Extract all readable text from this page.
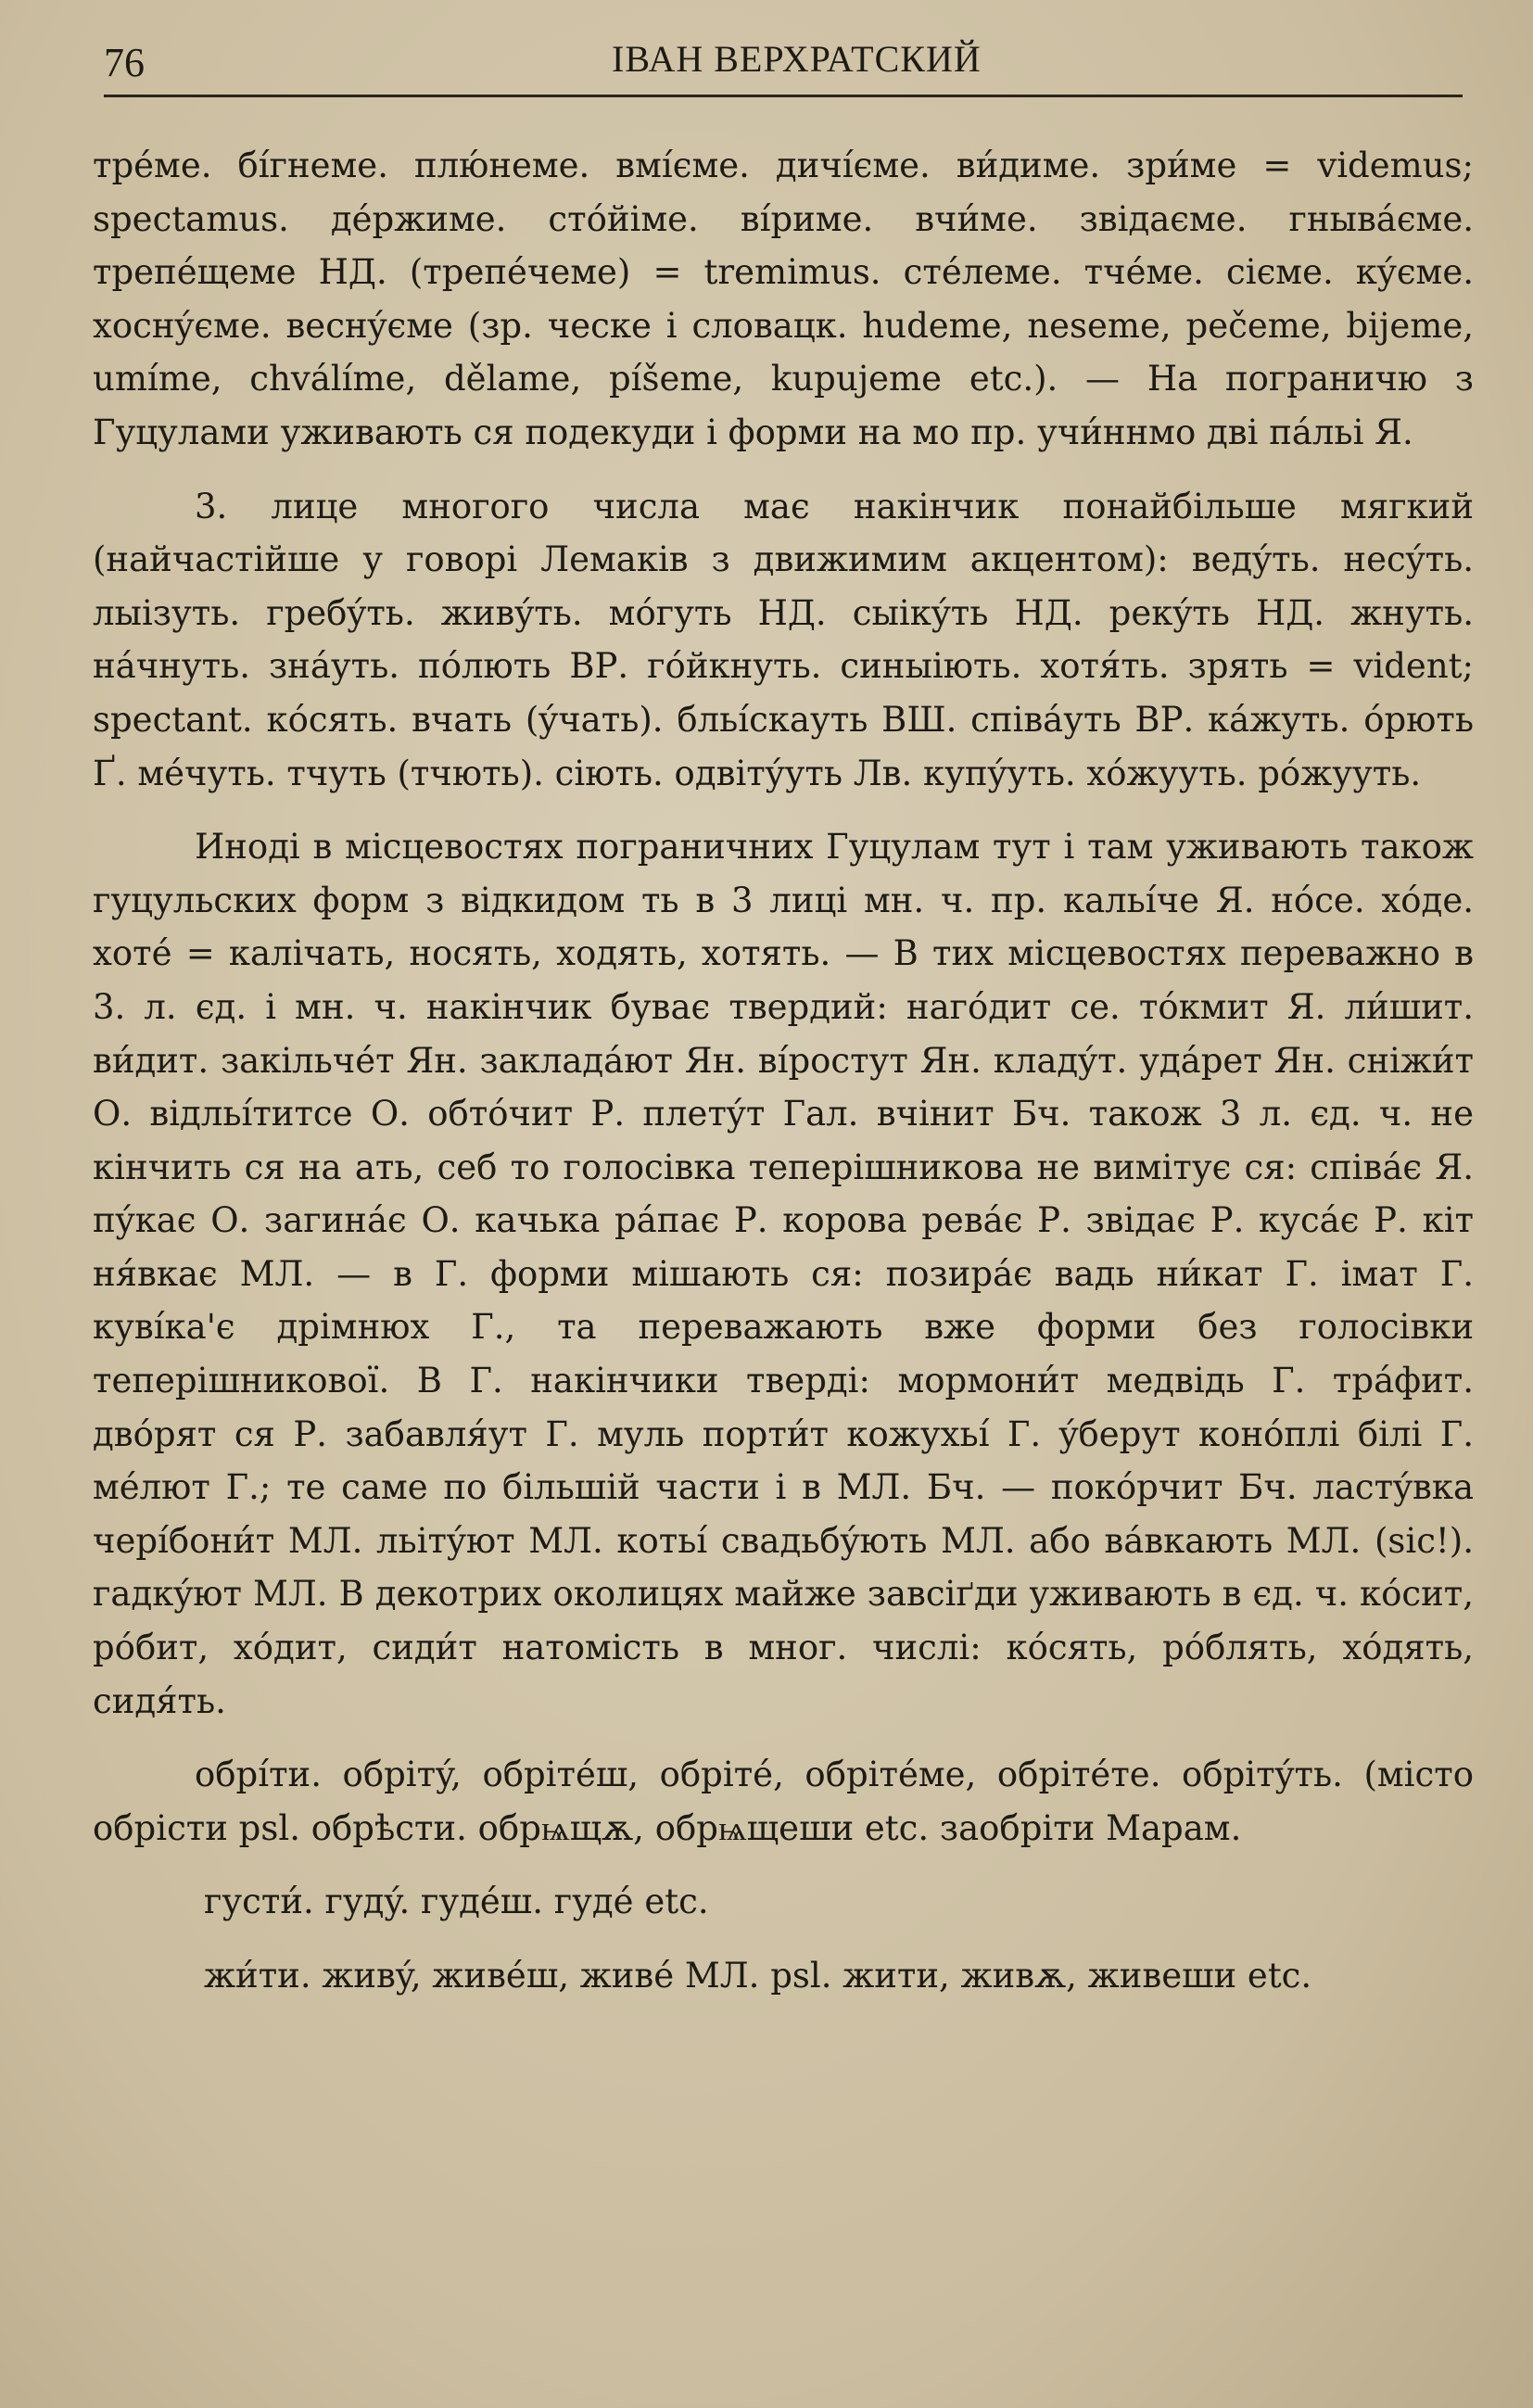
76	ІВАН ВЕРХРАТСКИЙ

тре́ме. бі́гнеме. плю́неме. вмі́єме. дичі́єме. ви́димe. зри́ме = videmus; spectamus. де́ржиме. стóйіме. ві́риме. вчи́ме. звідаєме. гнывáєме. трепе́щеме НД. (трепе́чеме) = tremimus. сте́леме. тче́ме. сієме. кýєме. хоснýєме. веснýєме (зр. ческе і словацк. hudeme, neseme, pečeme, bijeme, umíme, chválíme, dělame, píšeme, kupujeme etc.). — На пограничю з Гуцулами уживають ся подекуди і форми на мо пр. учи́ннмо дві пáльі Я.

3. лице многого числа має накінчик понайбільше мягкий (найчастійше у говорі Лемаків з движимим акцентом): ведýть. несýть. лыізуть. гребýть. живýть. мóгуть НД. сыікýть НД. рекýть НД. жнуть. нáчнуть. знáуть. пóлють ВР. гóйкнуть. синыіють. хотя́ть. зрять = vident; spectant. кóсять. вчать (ýчать). бльі́скауть ВШ. співáуть ВР. кáжуть. óрють Ґ. ме́чуть. тчуть (тчють). сіють. одвітýуть Лв. купýуть. хóжууть. рóжууть.

Иноді в місцевостях пограничних Гуцулам тут і там уживають також гуцульских форм з відкидом ть в 3 лиці мн. ч. пр. кальі́че Я. нóсе. хóде. хоте́ = калічать, носять, ходять, хотять. — В тих місцевостях переважно в 3. л. єд. і мн. ч. накінчик буває твердий: нагóдит се. тóкмит Я. ли́шит. ви́дит. закільче́т Ян. закладáют Ян. вíростут Ян. кладýт. удáрет Ян. сніжи́т О. відльі́титсе О. обтóчит Р. плетýт Гал. вчінит Бч. також 3 л. єд. ч. не кінчить ся на ать, себ то голосівка теперішникова не вимітує ся: співáє Я. пýкає О. загинáє О. качька рáпає Р. корова ревáє Р. звідає Р. кусáє Р. кіт ня́вкає МЛ. — в Г. форми мішають ся: позирáє вадь ни́кат Г. імат Г. кувíка'є дрімнюх Г., та переважають вже форми без голосівки теперішникової. В Г. накінчики тверді: мормони́т медвідь Г. трáфит. двóрят ся Р. забавля́ут Г. муль порти́т кожухьі́ Г. ýберут конóплі білі Г. ме́лют Г.; те саме по більшій части і в МЛ. Бч. — покóрчит Бч. ластýвка чері́бони́т МЛ. льітýют МЛ. котьі́ свадьбýють МЛ. або вáвкають МЛ. (sic!). гадкýют МЛ. В декотрих околицях майже завсіґди уживають в єд. ч. кóсит, рóбит, хóдит, сиди́т натомість в мног. числі: кóсять, рóблять, хóдять, сидя́ть.

обрі́ти. обрітý, обріте́ш, обріте́, обріте́ме, обріте́те. обрітýть. (місто обрісти psl. обрѣсти. обрѩщѫ, обрѩщеши etc. заобріти Марам.

густи́. гудý. гуде́ш. гуде́ etc.

жи́ти. живý, живе́ш, живе́ МЛ. psl. жити, живѫ, живеши etc.
